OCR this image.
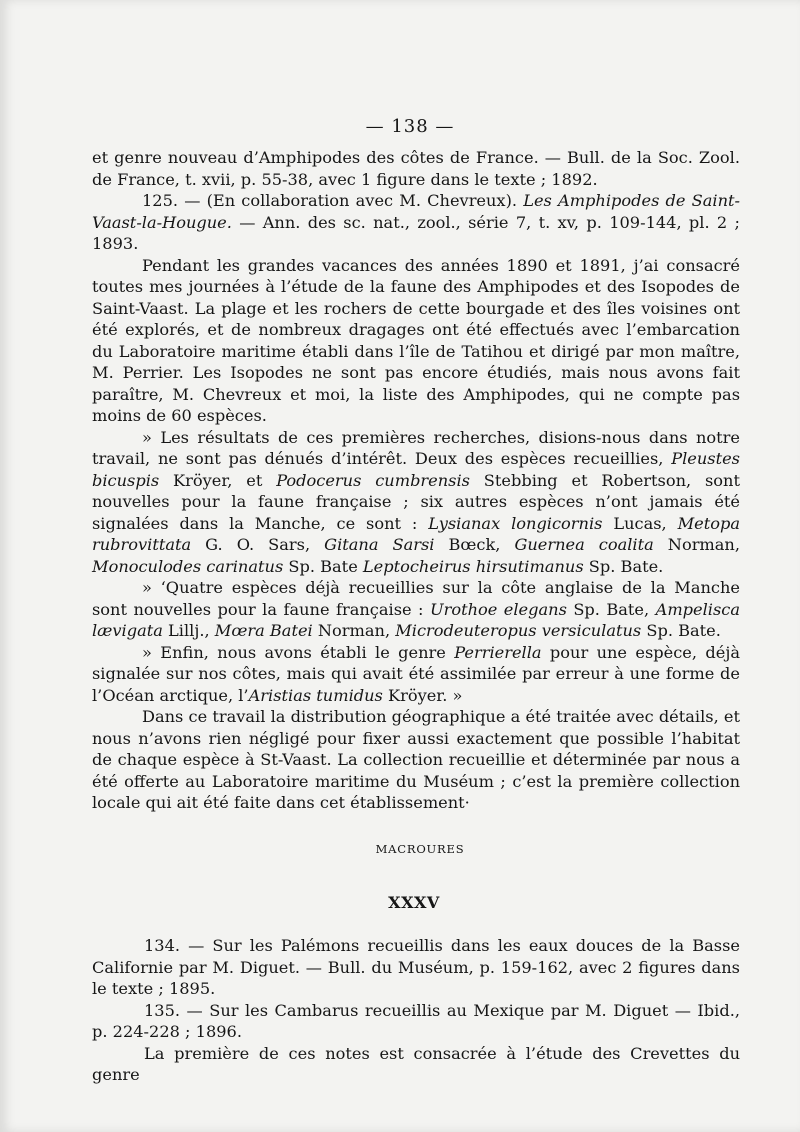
— 138 —

et genre nouveau d’Amphipodes des côtes de France. — Bull. de la Soc. Zool. de France, t. xvii, p. 55-38, avec 1 figure dans le texte ; 1892.

125. — (En collaboration avec M. Chevreux). Les Amphipodes de Saint-Vaast-la-Hougue. — Ann. des sc. nat., zool., série 7, t. xv, p. 109-144, pl. 2 ; 1893.

Pendant les grandes vacances des années 1890 et 1891, j’ai consacré toutes mes journées à l’étude de la faune des Amphipodes et des Isopodes de Saint-Vaast. La plage et les rochers de cette bourgade et des îles voisines ont été explorés, et de nombreux dragages ont été effectués avec l’embarcation du Laboratoire maritime établi dans l’île de Tatihou et dirigé par mon maître, M. Perrier. Les Isopodes ne sont pas encore étudiés, mais nous avons fait paraître, M. Chevreux et moi, la liste des Amphipodes, qui ne compte pas moins de 60 espèces.

» Les résultats de ces premières recherches, disions-nous dans notre travail, ne sont pas dénués d’intérêt. Deux des espèces recueillies, Pleustes bicuspis Kröyer, et Podocerus cumbrensis Stebbing et Robertson, sont nouvelles pour la faune française ; six autres espèces n’ont jamais été signalées dans la Manche, ce sont : Lysianax longicornis Lucas, Metopa rubrovittata G. O. Sars, Gitana Sarsi Bœck, Guernea coalita Norman, Monoculodes carinatus Sp. Bate Leptocheirus hirsutimanus Sp. Bate.

» ‘Quatre espèces déjà recueillies sur la côte anglaise de la Manche sont nouvelles pour la faune française : Urothoe elegans Sp. Bate, Ampelisca lævigata Lillj., Mœra Batei Norman, Microdeuteropus versiculatus Sp. Bate.

» Enfin, nous avons établi le genre Perrierella pour une espèce, déjà signalée sur nos côtes, mais qui avait été assimilée par erreur à une forme de l’Océan arctique, l’Aristias tumidus Kröyer. »

Dans ce travail la distribution géographique a été traitée avec détails, et nous n’avons rien négligé pour fixer aussi exactement que possible l’habitat de chaque espèce à St-Vaast. La collection recueillie et déterminée par nous a été offerte au Laboratoire maritime du Muséum ; c’est la première collection locale qui ait été faite dans cet établissement·

MACROURES
XXXV

134. — Sur les Palémons recueillis dans les eaux douces de la Basse Californie par M. Diguet. — Bull. du Muséum, p. 159-162, avec 2 figures dans le texte ; 1895.

135. — Sur les Cambarus recueillis au Mexique par M. Diguet — Ibid., p. 224-228 ; 1896.

La première de ces notes est consacrée à l’étude des Crevettes du genre
